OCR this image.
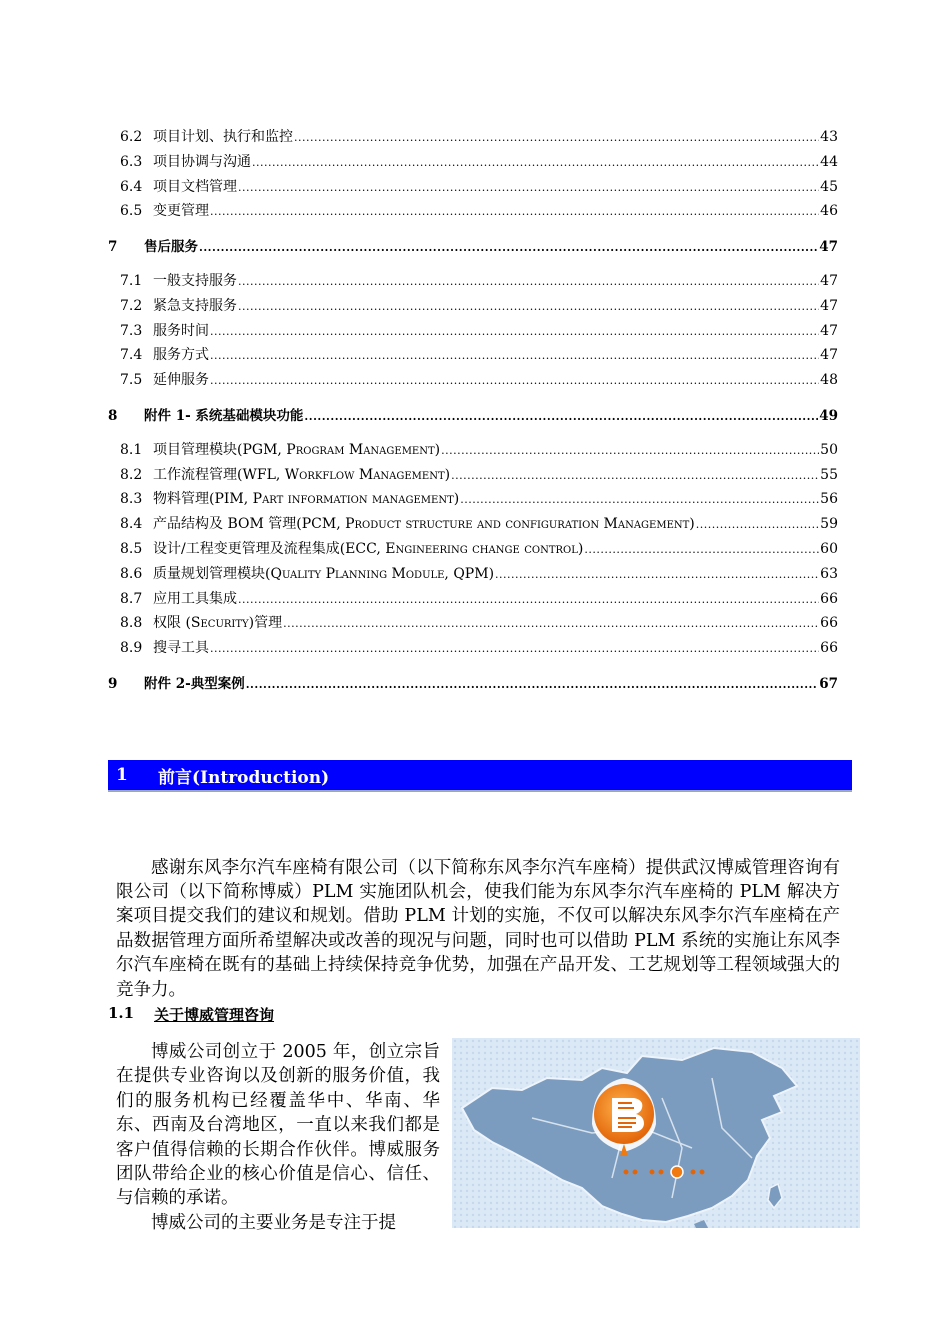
6.2 项目计划、执行和监控 .....	43
6.3 项目协调与沟通 .....	44
6.4 项目文档管理 .....	45
6.5 变更管理 .....	46
7	售后服务 .....	47
7.1 一般支持服务 .....	47
7.2 紧急支持服务 .....	47
7.3 服务时间 .....	47
7.4 服务方式 .....	47
7.5 延伸服务 .....	48
8	附件 1- 系统基础模块功能 .....	49
8.1 项目管理模块(PGM, Program Management) .....	50
8.2 工作流程管理(WFL, Workflow Management) .....	55
8.3 物料管理(PIM, Part information management) .....	56
8.4 产品结构及 BOM 管理(PCM, Product structure and configuration Management) .....	59
8.5 设计/工程变更管理及流程集成(ECC, Engineering change control) .....	60
8.6 质量规划管理模块(Quality Planning Module, QPM) .....	63
8.7 应用工具集成 .....	66
8.8 权限 (Security)管理 .....	66
8.9 搜寻工具 .....	66
9	附件 2-典型案例 .....	67
1	前言(Introduction)

感谢东风李尔汽车座椅有限公司（以下简称东风李尔汽车座椅）提供武汉博威管理咨询有限公司（以下简称博威）PLM 实施团队机会，使我们能为东风李尔汽车座椅的 PLM 解决方案项目提交我们的建议和规划。借助 PLM 计划的实施，不仅可以解决东风李尔汽车座椅在产品数据管理方面所希望解决或改善的现况与问题，同时也可以借助 PLM 系统的实施让东风李尔汽车座椅在既有的基础上持续保持竞争优势，加强在产品开发、工艺规划等工程领域强大的竞争力。

1.1	关于博威管理咨询

博威公司创立于 2005 年，创立宗旨在提供专业咨询以及创新的服务价值，我们的服务机构已经覆盖华中、华南、华东、西南及台湾地区，一直以来我们都是客户值得信赖的长期合作伙伴。博威服务团队带给企业的核心价值是信心、信任、与信赖的承诺。

博威公司的主要业务是专注于提
